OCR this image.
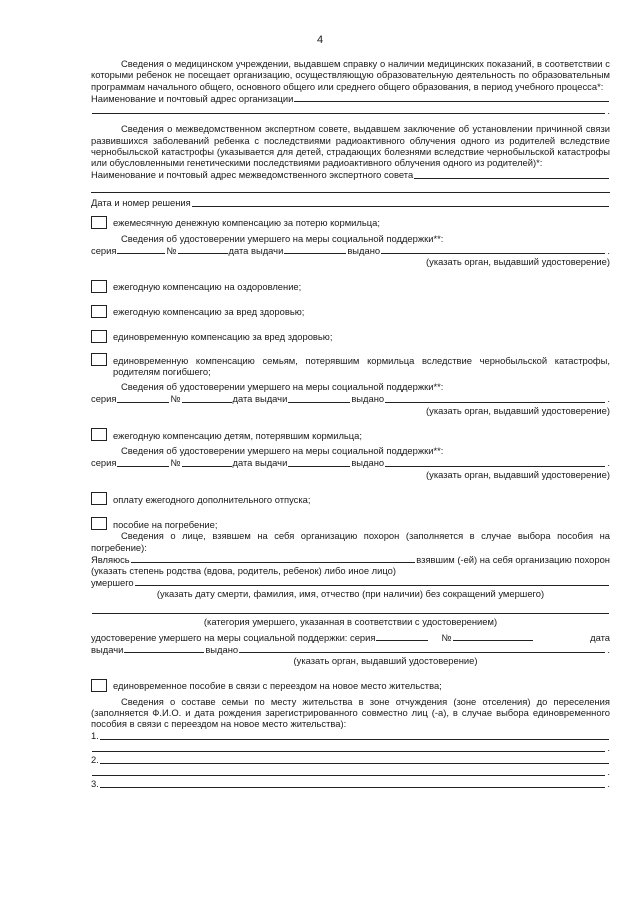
4

Сведения о медицинском учреждении, выдавшем справку о наличии медицинских показаний, в соответствии с которыми ребенок не посещает организацию, осуществляющую образовательную деятельность по образовательным программам начального общего, основного общего или среднего общего образования, в период учебного процесса*:

Наименование и почтовый адрес организации
.

Сведения о межведомственном экспертном совете, выдавшем заключение об установлении причинной связи развившихся заболеваний ребенка с последствиями радиоактивного облучения одного из родителей вследствие чернобыльской катастрофы (указывается для детей, страдающих болезнями вследствие чернобыльской катастрофы или обусловленными генетическими последствиями радиоактивного облучения одного из родителей)*:

Наименование и почтовый адрес межведомственного экспертного совета
Дата и номер решения
ежемесячную денежную компенсацию за потерю кормильца;

Сведения об удостоверении умершего на меры социальной поддержки**:

серия	№	дата выдачи	выдано	.
(указать орган, выдавший удостоверение)
ежегодную компенсацию на оздоровление;
ежегодную компенсацию за вред здоровью;
единовременную компенсацию за вред здоровью;
единовременную компенсацию семьям, потерявшим кормильца вследствие чернобыльской катастрофы, родителям погибшего;

Сведения об удостоверении умершего на меры социальной поддержки**:

серия	№	дата выдачи	выдано	.
(указать орган, выдавший удостоверение)
ежегодную компенсацию детям, потерявшим кормильца;

Сведения об удостоверении умершего на меры социальной поддержки**:

серия	№	дата выдачи	выдано	.
(указать орган, выдавший удостоверение)
оплату ежегодного дополнительного отпуска;
пособие на погребение;

Сведения о лице, взявшем на себя организацию похорон (заполняется в случае выбора пособия на погребение):

Являюсь	взявшим (-ей) на себя организацию похорон
(указать степень родства (вдова, родитель, ребенок) либо иное лицо)
умершего
(указать дату смерти, фамилия, имя, отчество (при наличии) без сокращений умершего)
(категория умершего, указанная в соответствии с удостоверением)
удостоверение умершего на меры социальной поддержки: серия	№	дата
выдачи	выдано	.
(указать орган, выдавший удостоверение)
единовременное пособие в связи с переездом на новое место жительства;

Сведения о составе семьи по месту жительства в зоне отчуждения (зоне отселения) до переселения (заполняется Ф.И.О. и дата рождения зарегистрированного совместно лиц (-а), в случае выбора единовременного пособия в связи с переездом на новое место жительства):

1.
.
2.
.
3.	.
